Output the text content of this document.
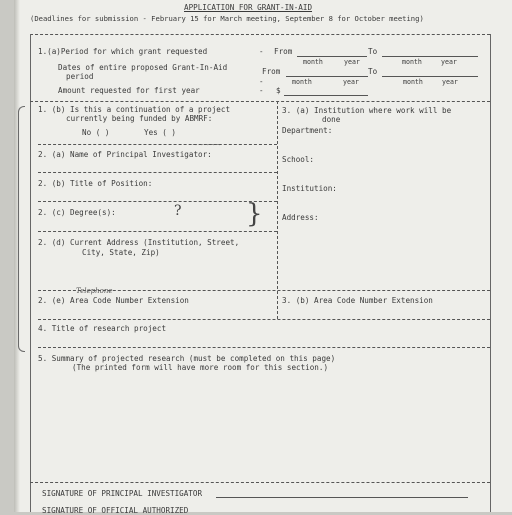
APPLICATION FOR GRANT-IN-AID
(Deadlines for submission - February 15 for March meeting, September 8 for October meeting)
1.(a)Period for which grant requested	- From	To
month	year	month	year
Dates of entire proposed Grant-In-Aid
period
-
From	To
month	year	month	year
Amount requested for first year	- $
1. (b) Is this a continuation of a project
currently being funded by ABMRF:
No ( )	Yes ( )
2. (a) Name of Principal Investigator:
~~~~~
2. (b) Title of Position:
2. (c) Degree(s):	? }
2. (d) Current Address (Institution, Street,
City, State, Zip)
Telephone
2. (e) Area Code Number Extension
3. (a) Institution where work will be
done
Department:
School:
Institution:
Address:
3. (b) Area Code Number Extension
4. Title of research project
5. Summary of projected research (must be completed on this page)
(The printed form will have more room for this section.)
SIGNATURE OF PRINCIPAL INVESTIGATOR
SIGNATURE OF OFFICIAL AUTHORIZED
